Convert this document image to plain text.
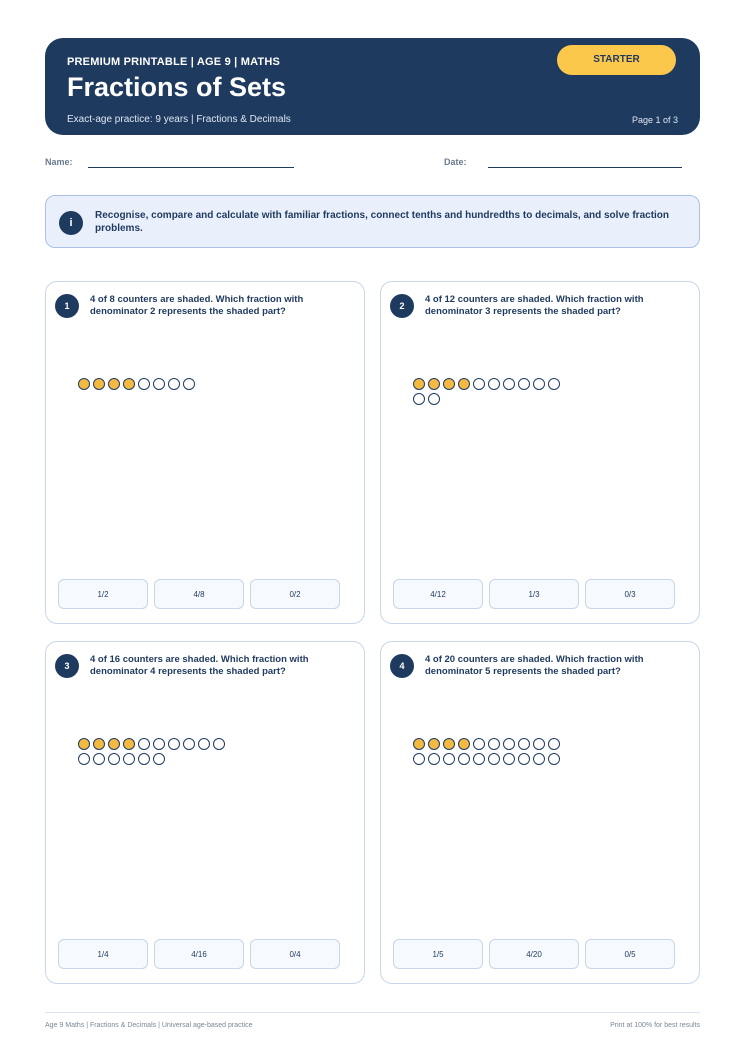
PREMIUM PRINTABLE | AGE 9 | MATHS
Fractions of Sets
Exact-age practice: 9 years | Fractions & Decimals	Page 1 of 3
STARTER
Name:	Date:
i
Recognise, compare and calculate with familiar fractions, connect tenths and hundredths to decimals, and solve fraction problems.
1
4 of 8 counters are shaded. Which fraction with denominator 2 represents the shaded part?
1/2	4/8	0/2
2
4 of 12 counters are shaded. Which fraction with denominator 3 represents the shaded part?
4/12	1/3	0/3
3
4 of 16 counters are shaded. Which fraction with denominator 4 represents the shaded part?
1/4	4/16	0/4
4
4 of 20 counters are shaded. Which fraction with denominator 5 represents the shaded part?
1/5	4/20	0/5
Age 9 Maths | Fractions & Decimals | Universal age-based practice	Print at 100% for best results
